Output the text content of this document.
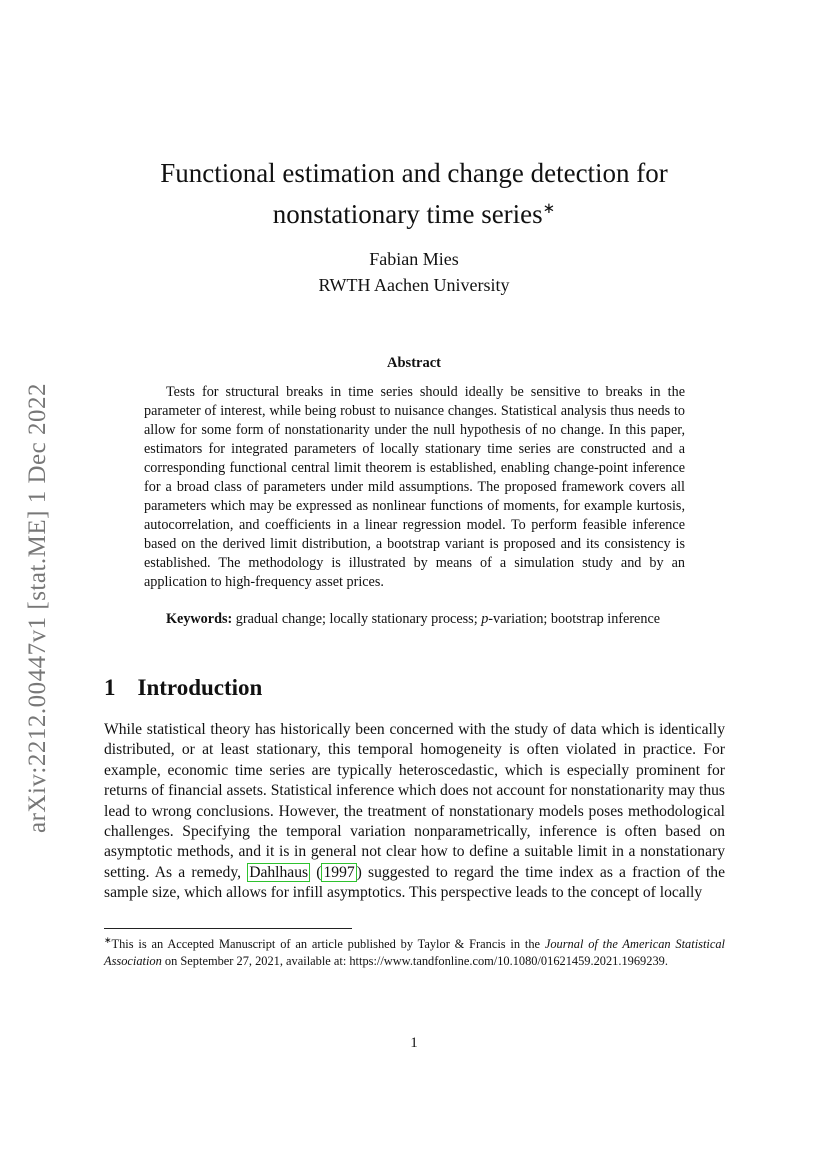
arXiv:2212.00447v1 [stat.ME] 1 Dec 2022
Functional estimation and change detection for
nonstationary time series∗
Fabian Mies
RWTH Aachen University
Abstract

Tests for structural breaks in time series should ideally be sensitive to breaks in the parameter of interest, while being robust to nuisance changes. Statistical analysis thus needs to allow for some form of nonstationarity under the null hypothesis of no change. In this paper, estimators for integrated parameters of locally stationary time series are constructed and a corresponding functional central limit theorem is established, enabling change-point inference for a broad class of parameters under mild assumptions. The proposed framework covers all parameters which may be expressed as nonlinear functions of moments, for example kurtosis, autocorrelation, and coefficients in a linear regression model. To perform feasible inference based on the derived limit distribution, a bootstrap variant is proposed and its consistency is established. The methodology is illustrated by means of a simulation study and by an application to high-frequency asset prices.

Keywords: gradual change; locally stationary process; p-variation; bootstrap inference

1 Introduction

While statistical theory has historically been concerned with the study of data which is identically distributed, or at least stationary, this temporal homogeneity is often violated in practice. For example, economic time series are typically heteroscedastic, which is especially prominent for returns of financial assets. Statistical inference which does not account for nonstationarity may thus lead to wrong conclusions. However, the treatment of nonstationary models poses methodological challenges. Specifying the temporal variation nonparametrically, inference is often based on asymptotic methods, and it is in general not clear how to define a suitable limit in a nonstationary setting. As a remedy, Dahlhaus ( 1997 ) suggested to regard the time index as a fraction of the sample size, which allows for infill asymptotics. This perspective leads to the concept of locally

∗This is an Accepted Manuscript of an article published by Taylor & Francis in the Journal of the American Statistical Association on September 27, 2021, available at: https://www.tandfonline.com/10.1080/01621459.2021.1969239.

1
